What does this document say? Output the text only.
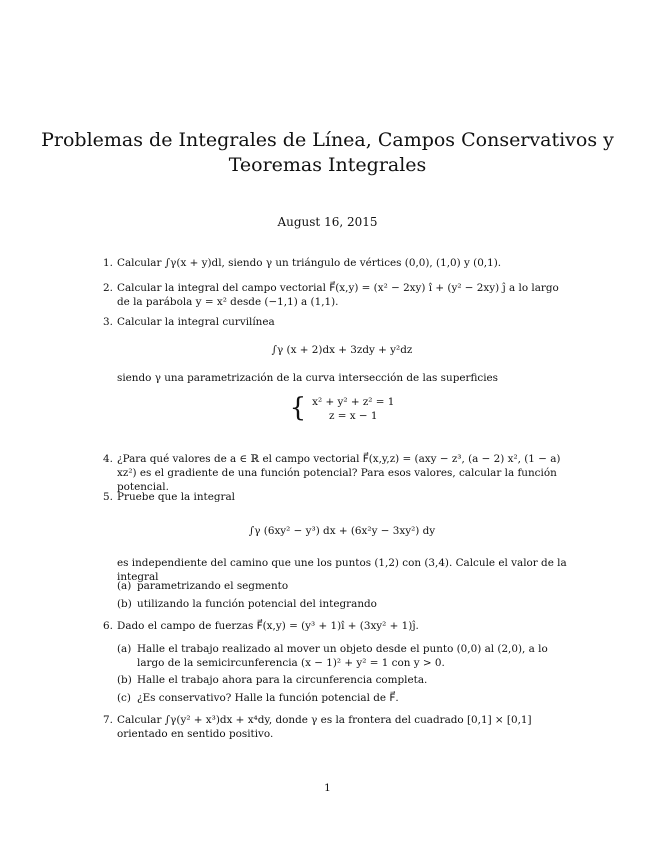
Problemas de Integrales de Línea, Campos Conservativos y
Teoremas Integrales
August 16, 2015
1. Calcular ∫γ(x + y)dl, siendo γ un triángulo de vértices (0,0), (1,0) y (0,1).
2. Calcular la integral del campo vectorial F⃗(x,y) = (x² − 2xy) î + (y² − 2xy) ĵ a lo largo de la parábola y = x² desde (−1,1) a (1,1).
3. Calcular la integral curvilínea
∫γ (x + 2)dx + 3zdy + y²dz
siendo γ una parametrización de la curva intersección de las superficies
{ x² + y² + z² = 1
z = x − 1
4. ¿Para qué valores de a ∈ ℝ el campo vectorial F⃗(x,y,z) = (axy − z³, (a − 2) x², (1 − a) xz²) es el gradiente de una función potencial? Para esos valores, calcular la función potencial.
5. Pruebe que la integral
∫γ (6xy² − y³) dx + (6x²y − 3xy²) dy
es independiente del camino que une los puntos (1,2) con (3,4). Calcule el valor de la integral
(a) parametrizando el segmento
(b) utilizando la función potencial del integrando
6. Dado el campo de fuerzas F⃗(x,y) = (y³ + 1)î + (3xy² + 1)ĵ.
(a) Halle el trabajo realizado al mover un objeto desde el punto (0,0) al (2,0), a lo largo de la semicircunferencia (x − 1)² + y² = 1 con y > 0.
(b) Halle el trabajo ahora para la circunferencia completa.
(c) ¿Es conservativo? Halle la función potencial de F⃗.
7. Calcular ∫γ(y² + x³)dx + x⁴dy, donde γ es la frontera del cuadrado [0,1] × [0,1] orientado en sentido positivo.
1
